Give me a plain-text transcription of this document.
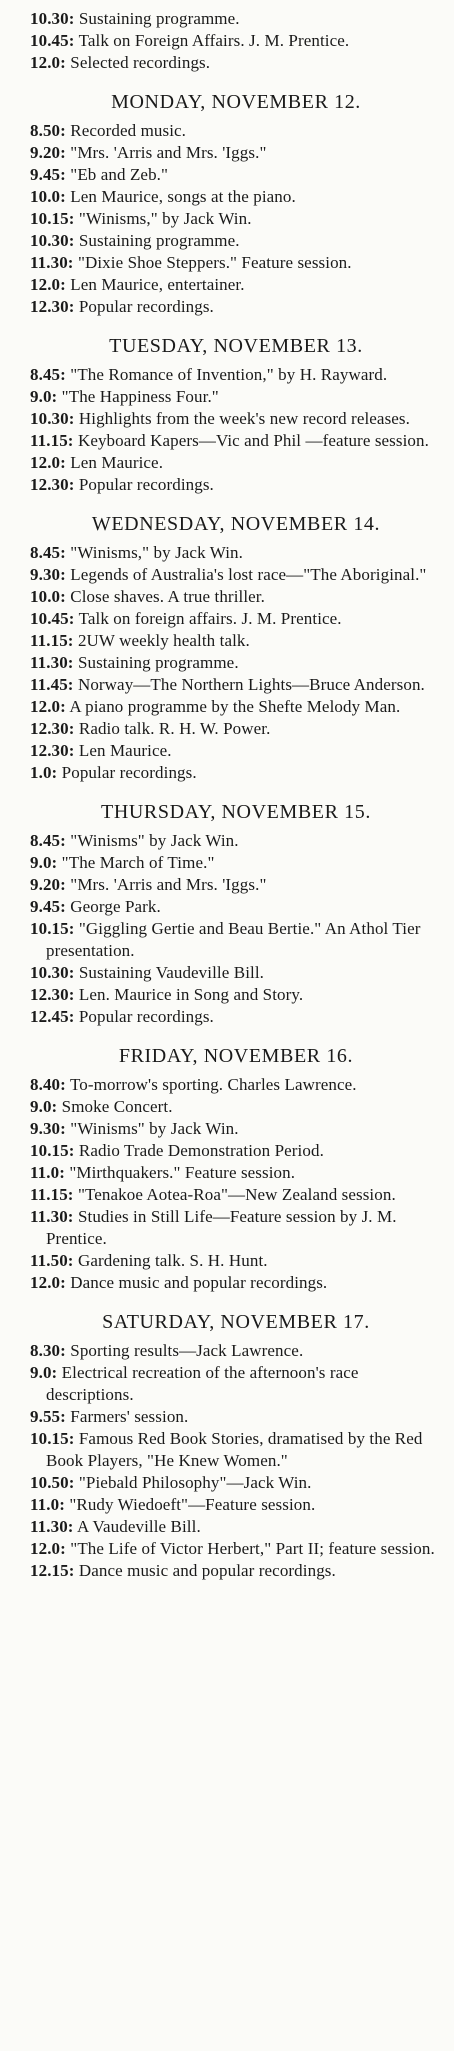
10.30: Sustaining programme.

10.45: Talk on Foreign Affairs. J. M. Prentice.

12.0: Selected recordings.

MONDAY, NOVEMBER 12.

8.50: Recorded music.

9.20: "Mrs. 'Arris and Mrs. 'Iggs."

9.45: "Eb and Zeb."

10.0: Len Maurice, songs at the piano.

10.15: "Winisms," by Jack Win.

10.30: Sustaining programme.

11.30: "Dixie Shoe Steppers." Feature session.

12.0: Len Maurice, entertainer.

12.30: Popular recordings.

TUESDAY, NOVEMBER 13.

8.45: "The Romance of Invention," by H. Rayward.

9.0: "The Happiness Four."

10.30: Highlights from the week's new record releases.

11.15: Keyboard Kapers—Vic and Phil —feature session.

12.0: Len Maurice.

12.30: Popular recordings.

WEDNESDAY, NOVEMBER 14.

8.45: "Winisms," by Jack Win.

9.30: Legends of Australia's lost race—"The Aboriginal."

10.0: Close shaves. A true thriller.

10.45: Talk on foreign affairs. J. M. Prentice.

11.15: 2UW weekly health talk.

11.30: Sustaining programme.

11.45: Norway—The Northern Lights—Bruce Anderson.

12.0: A piano programme by the Shefte Melody Man.

12.30: Radio talk. R. H. W. Power.

12.30: Len Maurice.

1.0: Popular recordings.

THURSDAY, NOVEMBER 15.

8.45: "Winisms" by Jack Win.

9.0: "The March of Time."

9.20: "Mrs. 'Arris and Mrs. 'Iggs."

9.45: George Park.

10.15: "Giggling Gertie and Beau Bertie." An Athol Tier presentation.

10.30: Sustaining Vaudeville Bill.

12.30: Len. Maurice in Song and Story.

12.45: Popular recordings.

FRIDAY, NOVEMBER 16.

8.40: To-morrow's sporting. Charles Lawrence.

9.0: Smoke Concert.

9.30: "Winisms" by Jack Win.

10.15: Radio Trade Demonstration Period.

11.0: "Mirthquakers." Feature session.

11.15: "Tenakoe Aotea-Roa"—New Zealand session.

11.30: Studies in Still Life—Feature session by J. M. Prentice.

11.50: Gardening talk. S. H. Hunt.

12.0: Dance music and popular recordings.

SATURDAY, NOVEMBER 17.

8.30: Sporting results—Jack Lawrence.

9.0: Electrical recreation of the afternoon's race descriptions.

9.55: Farmers' session.

10.15: Famous Red Book Stories, dramatised by the Red Book Players, "He Knew Women."

10.50: "Piebald Philosophy"—Jack Win.

11.0: "Rudy Wiedoeft"—Feature session.

11.30: A Vaudeville Bill.

12.0: "The Life of Victor Herbert," Part II; feature session.

12.15: Dance music and popular recordings.
